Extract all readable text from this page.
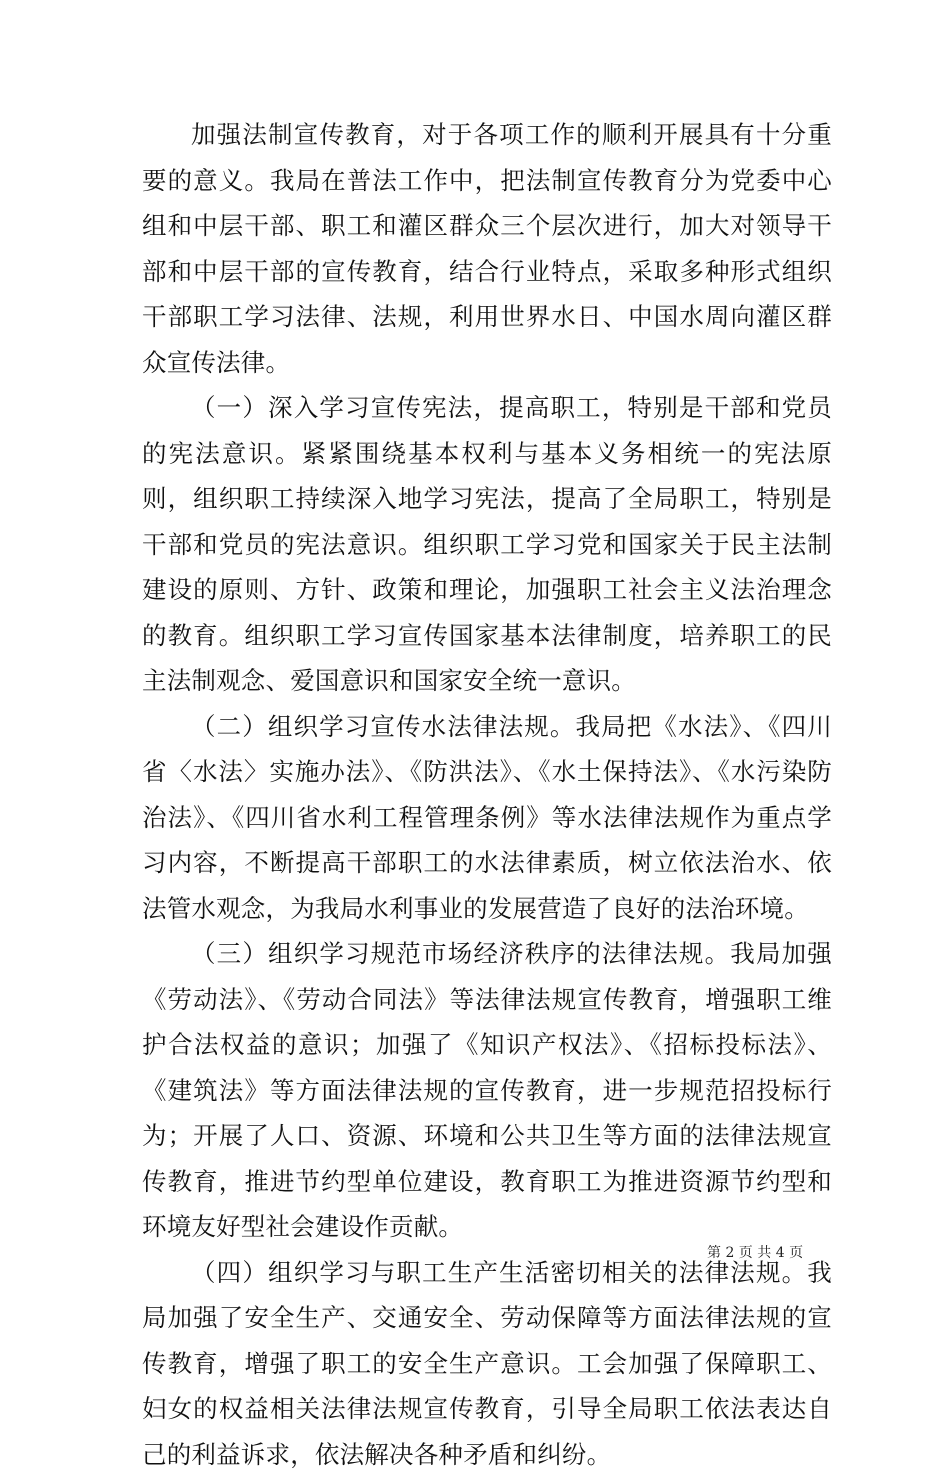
加强法制宣传教育，对于各项工作的顺利开展具有十分重要的意义。我局在普法工作中，把法制宣传教育分为党委中心组和中层干部、职工和灌区群众三个层次进行，加大对领导干部和中层干部的宣传教育，结合行业特点，采取多种形式组织干部职工学习法律、法规，利用世界水日、中国水周向灌区群众宣传法律。

（一）深入学习宣传宪法，提高职工，特别是干部和党员的宪法意识。紧紧围绕基本权利与基本义务相统一的宪法原则，组织职工持续深入地学习宪法，提高了全局职工，特别是干部和党员的宪法意识。组织职工学习党和国家关于民主法制建设的原则、方针、政策和理论，加强职工社会主义法治理念的教育。组织职工学习宣传国家基本法律制度，培养职工的民主法制观念、爱国意识和国家安全统一意识。

（二）组织学习宣传水法律法规。我局把《水法》、《四川省〈水法〉实施办法》、《防洪法》、《水土保持法》、《水污染防治法》、《四川省水利工程管理条例》等水法律法规作为重点学习内容，不断提高干部职工的水法律素质，树立依法治水、依法管水观念，为我局水利事业的发展营造了良好的法治环境。

（三）组织学习规范市场经济秩序的法律法规。我局加强《劳动法》、《劳动合同法》等法律法规宣传教育，增强职工维护合法权益的意识；加强了《知识产权法》、《招标投标法》、《建筑法》等方面法律法规的宣传教育，进一步规范招投标行为；开展了人口、资源、环境和公共卫生等方面的法律法规宣传教育，推进节约型单位建设，教育职工为推进资源节约型和环境友好型社会建设作贡献。

（四）组织学习与职工生产生活密切相关的法律法规。我局加强了安全生产、交通安全、劳动保障等方面法律法规的宣传教育，增强了职工的安全生产意识。工会加强了保障职工、妇女的权益相关法律法规宣传教育，引导全局职工依法表达自己的利益诉求，依法解决各种矛盾和纠纷。

第 2 页 共 4 页
